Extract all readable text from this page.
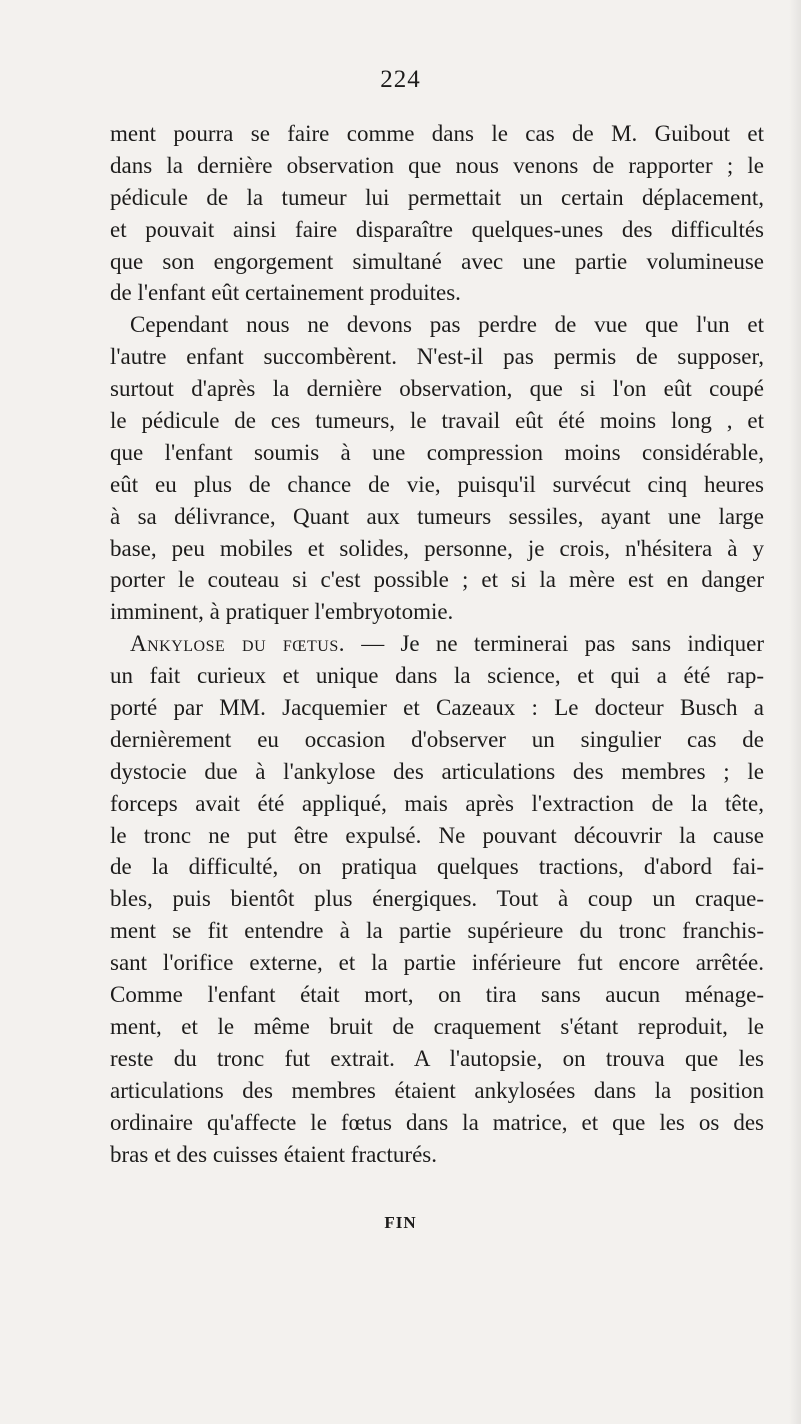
224
ment pourra se faire comme dans le cas de M. Guibout et
dans la dernière observation que nous venons de rapporter ; le
pédicule de la tumeur lui permettait un certain déplacement,
et pouvait ainsi faire disparaître quelques-unes des difficultés
que son engorgement simultané avec une partie volumineuse
de l'enfant eût certainement produites.
Cependant nous ne devons pas perdre de vue que l'un et
l'autre enfant succombèrent. N'est-il pas permis de supposer,
surtout d'après la dernière observation, que si l'on eût coupé
le pédicule de ces tumeurs, le travail eût été moins long , et
que l'enfant soumis à une compression moins considérable,
eût eu plus de chance de vie, puisqu'il survécut cinq heures
à sa délivrance, Quant aux tumeurs sessiles, ayant une large
base, peu mobiles et solides, personne, je crois, n'hésitera à y
porter le couteau si c'est possible ; et si la mère est en danger
imminent, à pratiquer l'embryotomie.
Ankylose du fœtus. — Je ne terminerai pas sans indiquer
un fait curieux et unique dans la science, et qui a été rap-
porté par MM. Jacquemier et Cazeaux : Le docteur Busch a
dernièrement eu occasion d'observer un singulier cas de
dystocie due à l'ankylose des articulations des membres ; le
forceps avait été appliqué, mais après l'extraction de la tête,
le tronc ne put être expulsé. Ne pouvant découvrir la cause
de la difficulté, on pratiqua quelques tractions, d'abord fai-
bles, puis bientôt plus énergiques. Tout à coup un craque-
ment se fit entendre à la partie supérieure du tronc franchis-
sant l'orifice externe, et la partie inférieure fut encore arrêtée.
Comme l'enfant était mort, on tira sans aucun ménage-
ment, et le même bruit de craquement s'étant reproduit, le
reste du tronc fut extrait. A l'autopsie, on trouva que les
articulations des membres étaient ankylosées dans la position
ordinaire qu'affecte le fœtus dans la matrice, et que les os des
bras et des cuisses étaient fracturés.
FIN
